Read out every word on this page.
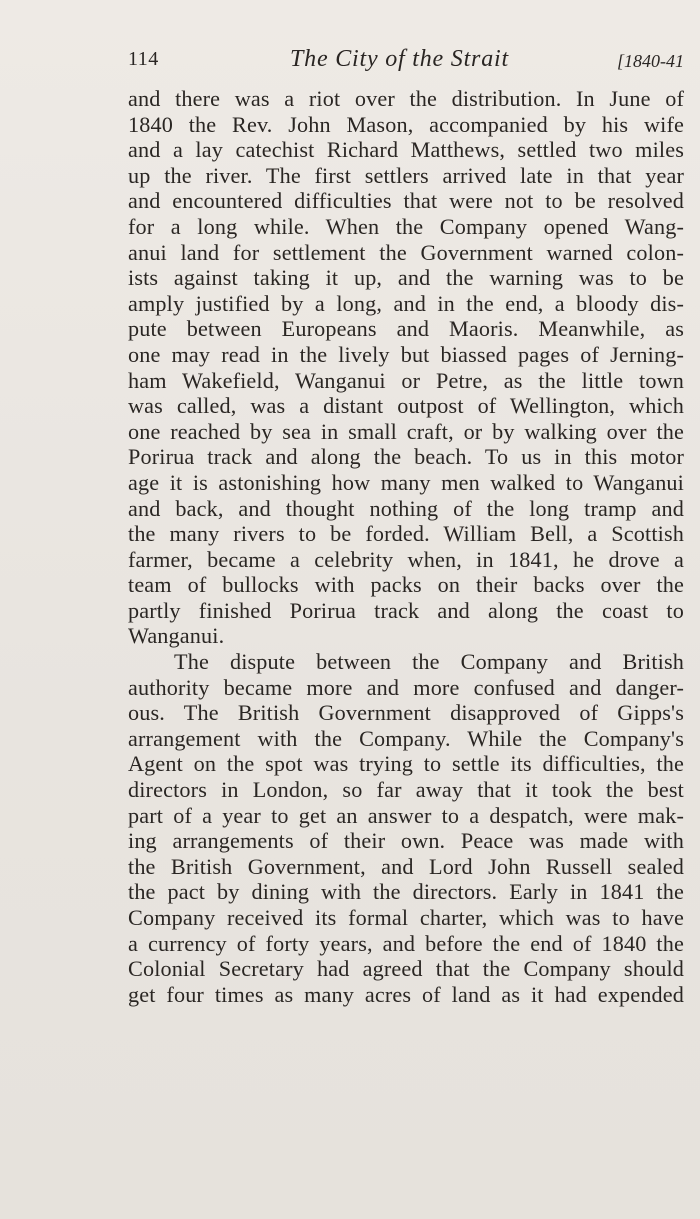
114	The City of the Strait	[1840-41
and there was a riot over the distribution. In June of
1840 the Rev. John Mason, accompanied by his wife
and a lay catechist Richard Matthews, settled two miles
up the river. The first settlers arrived late in that year
and encountered difficulties that were not to be resolved
for a long while. When the Company opened Wang-
anui land for settlement the Government warned colon-
ists against taking it up, and the warning was to be
amply justified by a long, and in the end, a bloody dis-
pute between Europeans and Maoris. Meanwhile, as
one may read in the lively but biassed pages of Jerning-
ham Wakefield, Wanganui or Petre, as the little town
was called, was a distant outpost of Wellington, which
one reached by sea in small craft, or by walking over the
Porirua track and along the beach. To us in this motor
age it is astonishing how many men walked to Wanganui
and back, and thought nothing of the long tramp and
the many rivers to be forded. William Bell, a Scottish
farmer, became a celebrity when, in 1841, he drove a
team of bullocks with packs on their backs over the
partly finished Porirua track and along the coast to
Wanganui.
The dispute between the Company and British
authority became more and more confused and danger-
ous. The British Government disapproved of Gipps's
arrangement with the Company. While the Company's
Agent on the spot was trying to settle its difficulties, the
directors in London, so far away that it took the best
part of a year to get an answer to a despatch, were mak-
ing arrangements of their own. Peace was made with
the British Government, and Lord John Russell sealed
the pact by dining with the directors. Early in 1841 the
Company received its formal charter, which was to have
a currency of forty years, and before the end of 1840 the
Colonial Secretary had agreed that the Company should
get four times as many acres of land as it had expended
